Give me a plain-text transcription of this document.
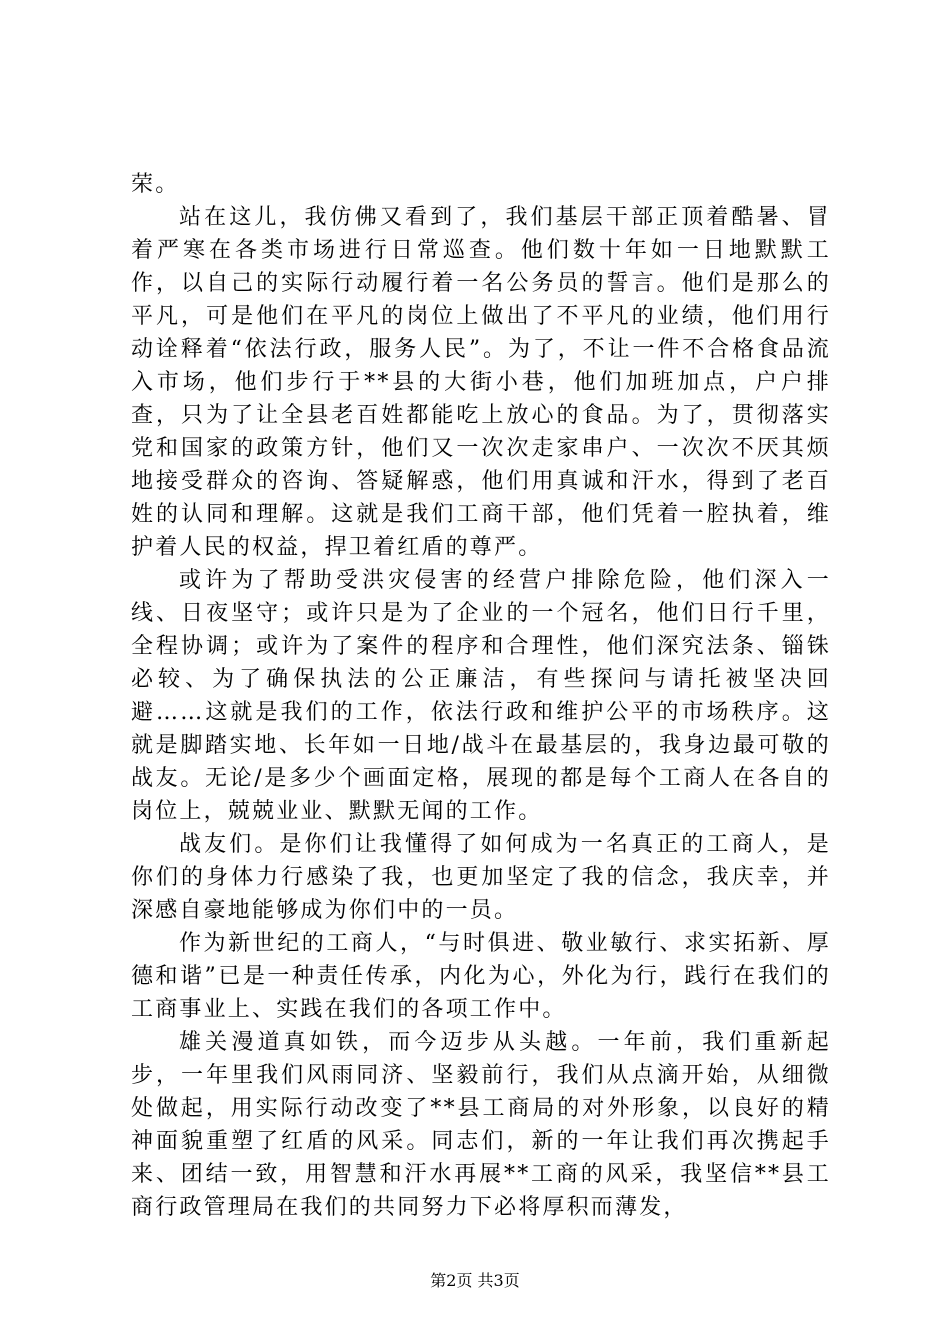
荣。

站在这儿，我仿佛又看到了，我们基层干部正顶着酷暑、冒着严寒在各类市场进行日常巡查。他们数十年如一日地默默工作，以自己的实际行动履行着一名公务员的誓言。他们是那么的平凡，可是他们在平凡的岗位上做出了不平凡的业绩，他们用行动诠释着“依法行政，服务人民”。为了，不让一件不合格食品流入市场，他们步行于**县的大街小巷，他们加班加点，户户排查，只为了让全县老百姓都能吃上放心的食品。为了，贯彻落实党和国家的政策方针，他们又一次次走家串户、一次次不厌其烦地接受群众的咨询、答疑解惑，他们用真诚和汗水，得到了老百姓的认同和理解。这就是我们工商干部，他们凭着一腔执着，维护着人民的权益，捍卫着红盾的尊严。

或许为了帮助受洪灾侵害的经营户排除危险，他们深入一线、日夜坚守；或许只是为了企业的一个冠名，他们日行千里，全程协调；或许为了案件的程序和合理性，他们深究法条、锱铢必较、为了确保执法的公正廉洁，有些探问与请托被坚决回避……这就是我们的工作，依法行政和维护公平的市场秩序。这就是脚踏实地、长年如一日地/战斗在最基层的，我身边最可敬的战友。无论/是多少个画面定格，展现的都是每个工商人在各自的岗位上，兢兢业业、默默无闻的工作。

战友们。是你们让我懂得了如何成为一名真正的工商人，是你们的身体力行感染了我，也更加坚定了我的信念，我庆幸，并深感自豪地能够成为你们中的一员。

作为新世纪的工商人，“与时俱进、敬业敏行、求实拓新、厚德和谐”已是一种责任传承，内化为心，外化为行，践行在我们的工商事业上、实践在我们的各项工作中。

雄关漫道真如铁，而今迈步从头越。一年前，我们重新起步，一年里我们风雨同济、坚毅前行，我们从点滴开始，从细微处做起，用实际行动改变了**县工商局的对外形象，以良好的精神面貌重塑了红盾的风采。同志们，新的一年让我们再次携起手来、团结一致，用智慧和汗水再展**工商的风采，我坚信**县工商行政管理局在我们的共同努力下必将厚积而薄发，

第2页 共3页
